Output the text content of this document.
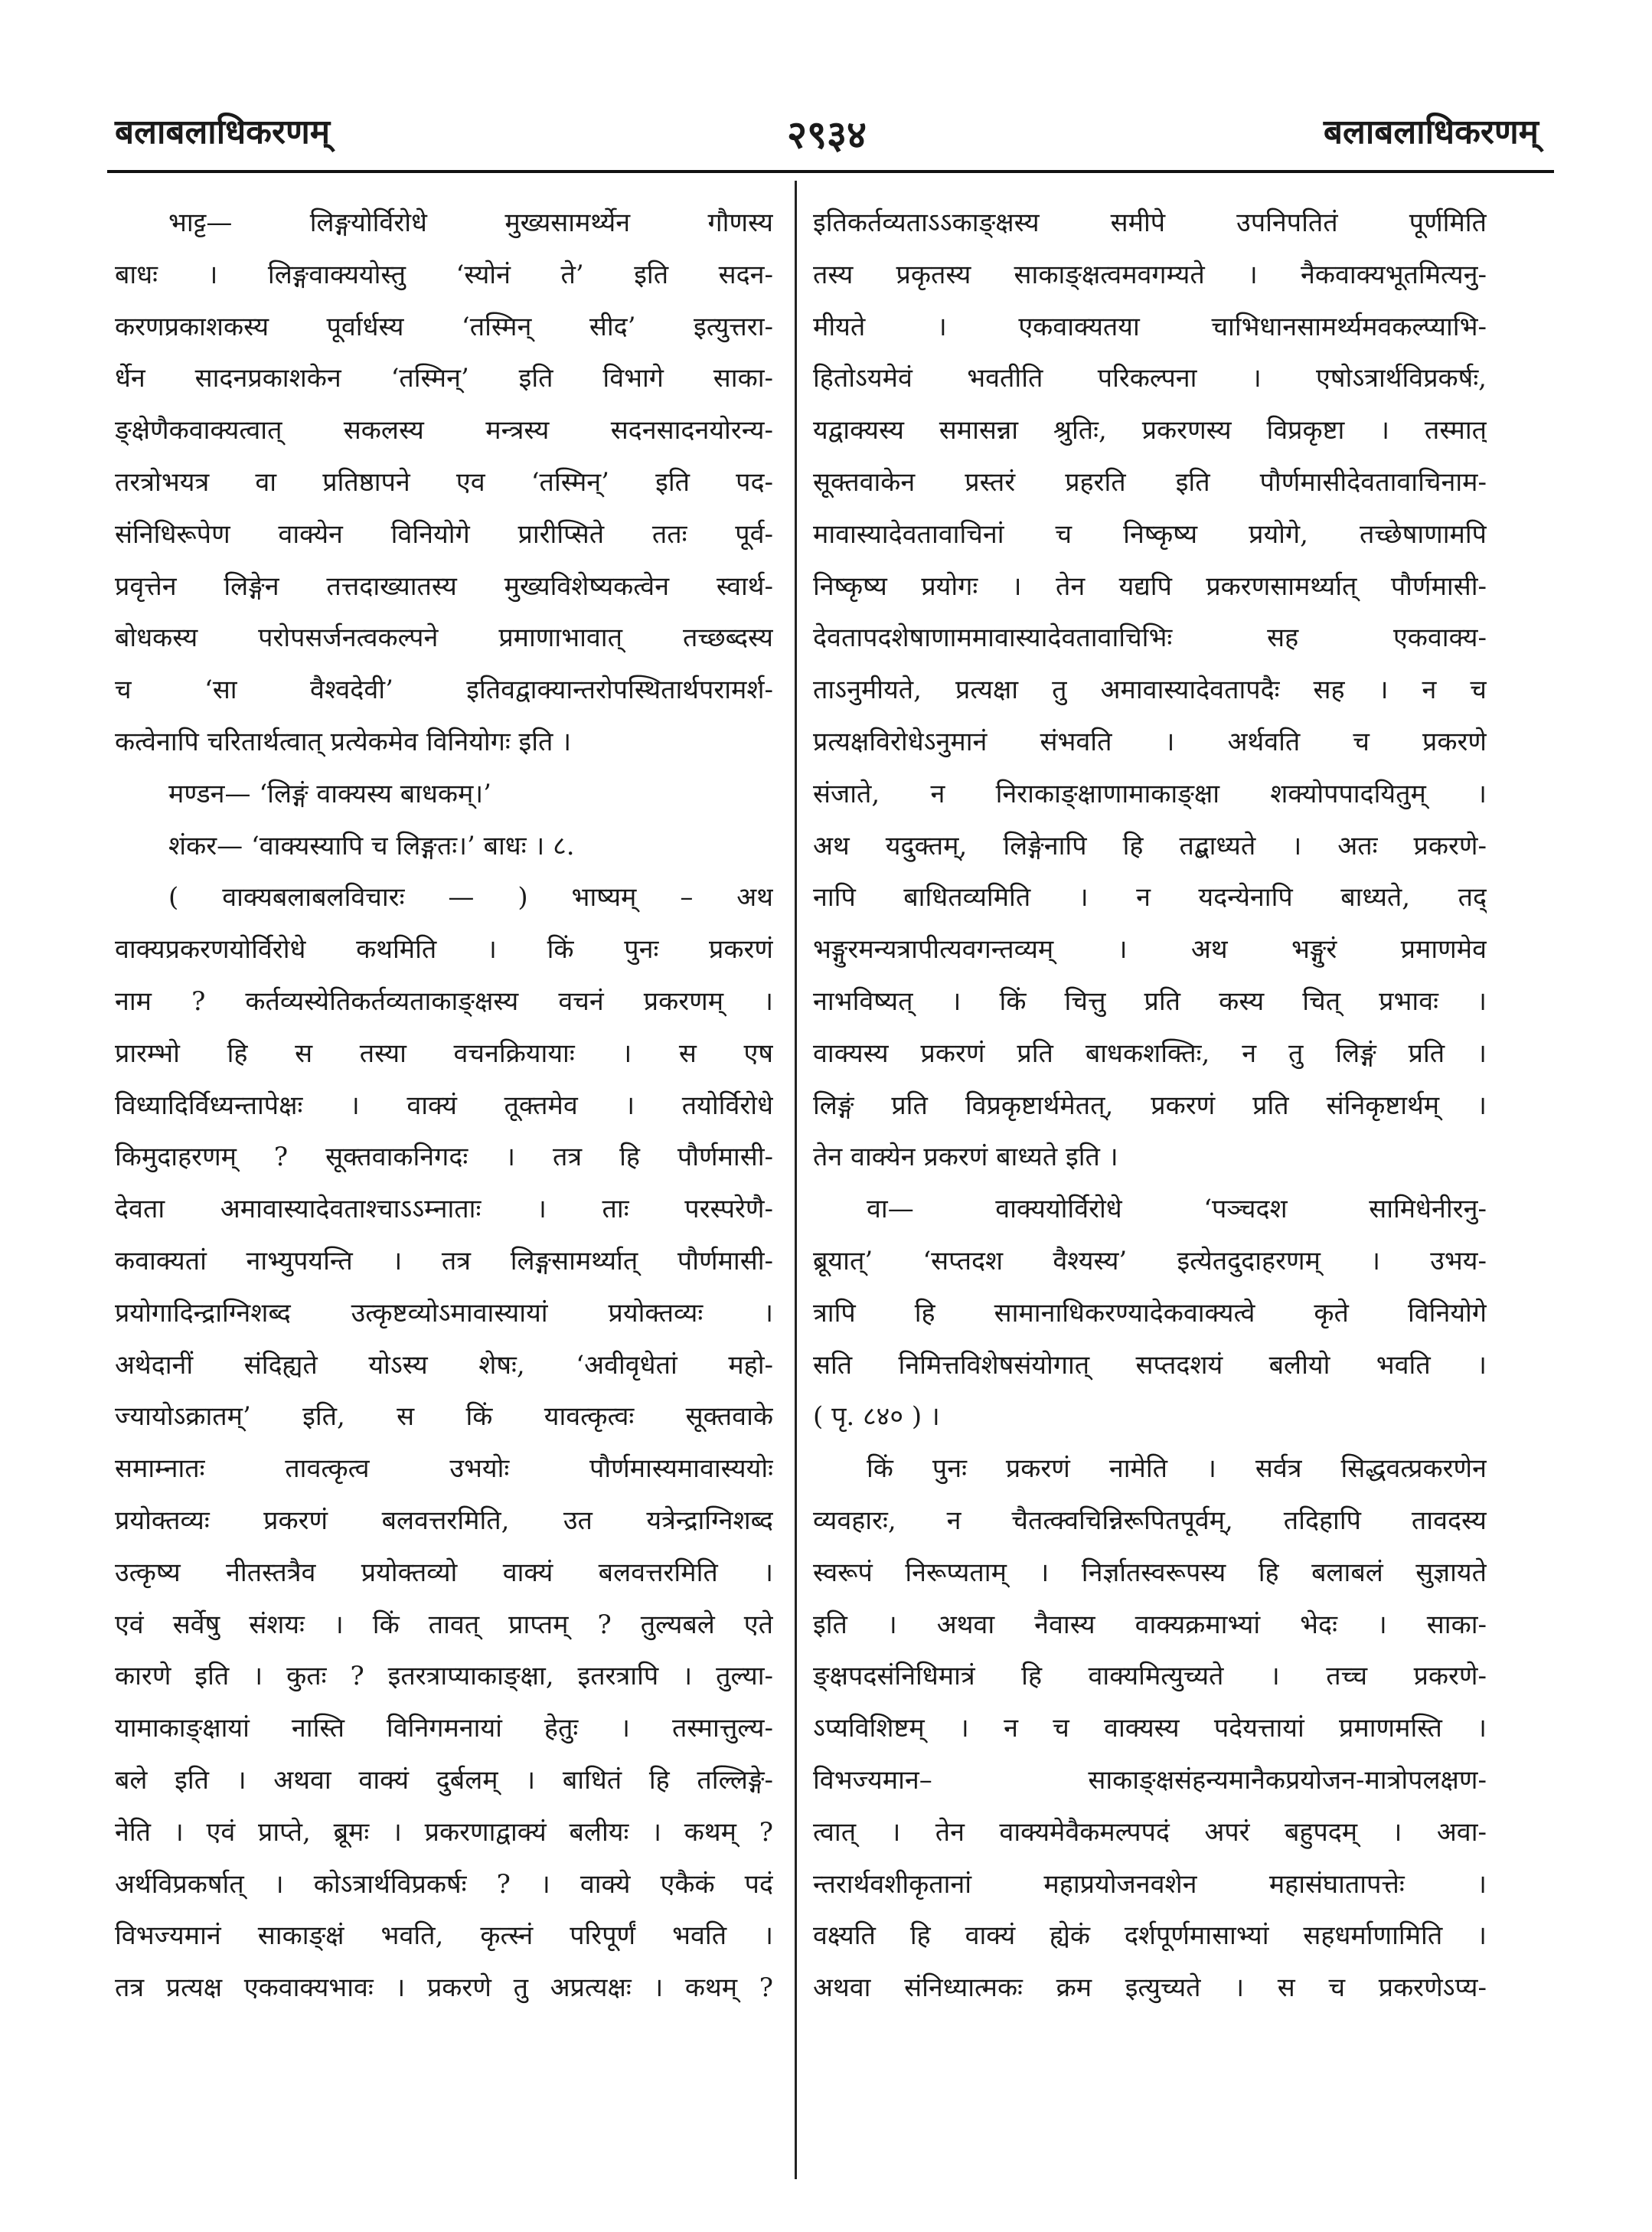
बलाबलाधिकरणम्	२९३४	बलाबलाधिकरणम्
भाट्ट— लिङ्गयोर्विरोधे मुख्यसामर्थ्येन गौणस्य
बाधः । लिङ्गवाक्ययोस्तु ‘स्योनं ते’ इति सदन-
करणप्रकाशकस्य पूर्वार्धस्य ‘तस्मिन् सीद’ इत्युत्तरा-
र्धेन सादनप्रकाशकेन ‘तस्मिन्’ इति विभागे साका-
ङ्क्षेणैकवाक्यत्वात् सकलस्य मन्त्रस्य सदनसादनयोरन्य-
तरत्रोभयत्र वा प्रतिष्ठापने एव ‘तस्मिन्’ इति पद-
संनिधिरूपेण वाक्येन विनियोगे प्रारीप्सिते ततः पूर्व-
प्रवृत्तेन लिङ्गेन तत्तदाख्यातस्य मुख्यविशेष्यकत्वेन स्वार्थ-
बोधकस्य परोपसर्जनत्वकल्पने प्रमाणाभावात् तच्छब्दस्य
च ‘सा वैश्वदेवी’ इतिवद्वाक्यान्तरोपस्थितार्थपरामर्श-
कत्वेनापि चरितार्थत्वात् प्रत्येकमेव विनियोगः इति ।
मण्डन— ‘लिङ्गं वाक्यस्य बाधकम्।’
शंकर— ‘वाक्यस्यापि च लिङ्गतः।’ बाधः । ८.
( वाक्यबलाबलविचारः — ) भाष्यम् – अथ
वाक्यप्रकरणयोर्विरोधे कथमिति । किं पुनः प्रकरणं
नाम ? कर्तव्यस्येतिकर्तव्यताकाङ्क्षस्य वचनं प्रकरणम् ।
प्रारम्भो हि स तस्या वचनक्रियायाः । स एष
विध्यादिर्विध्यन्तापेक्षः । वाक्यं तूक्तमेव । तयोर्विरोधे
किमुदाहरणम् ? सूक्तवाकनिगदः । तत्र हि पौर्णमासी-
देवता अमावास्यादेवताश्चाऽऽम्नाताः । ताः परस्परेणै-
कवाक्यतां नाभ्युपयन्ति । तत्र लिङ्गसामर्थ्यात् पौर्णमासी-
प्रयोगादिन्द्राग्निशब्द उत्कृष्टव्योऽमावास्यायां प्रयोक्तव्यः ।
अथेदानीं संदिह्यते योऽस्य शेषः, ‘अवीवृधेतां महो-
ज्यायोऽक्रातम्’ इति, स किं यावत्कृत्वः सूक्तवाके
समाम्नातः तावत्कृत्व उभयोः पौर्णमास्यमावास्ययोः
प्रयोक्तव्यः प्रकरणं बलवत्तरमिति, उत यत्रेन्द्राग्निशब्द
उत्कृष्य नीतस्तत्रैव प्रयोक्तव्यो वाक्यं बलवत्तरमिति ।
एवं सर्वेषु संशयः । किं तावत् प्राप्तम् ? तुल्यबले एते
कारणे इति । कुतः ? इतरत्राप्याकाङ्क्षा, इतरत्रापि । तुल्या-
यामाकाङ्क्षायां नास्ति विनिगमनायां हेतुः । तस्मात्तुल्य-
बले इति । अथवा वाक्यं दुर्बलम् । बाधितं हि तल्लिङ्गे-
नेति । एवं प्राप्ते, ब्रूमः । प्रकरणाद्वाक्यं बलीयः । कथम् ?
अर्थविप्रकर्षात् । कोऽत्रार्थविप्रकर्षः ? । वाक्ये एकैकं पदं
विभज्यमानं साकाङ्क्षं भवति, कृत्स्नं परिपूर्णं भवति ।
तत्र प्रत्यक्ष एकवाक्यभावः । प्रकरणे तु अप्रत्यक्षः । कथम् ?
इतिकर्तव्यताऽऽकाङ्क्षस्य समीपे उपनिपतितं पूर्णमिति
तस्य प्रकृतस्य साकाङ्क्षत्वमवगम्यते । नैकवाक्यभूतमित्यनु-
मीयते । एकवाक्यतया चाभिधानसामर्थ्यमवकल्प्याभि-
हितोऽयमेवं भवतीति परिकल्पना । एषोऽत्रार्थविप्रकर्षः,
यद्वाक्यस्य समासन्ना श्रुतिः, प्रकरणस्य विप्रकृष्टा । तस्मात्
सूक्तवाकेन प्रस्तरं प्रहरति इति पौर्णमासीदेवतावाचिनाम-
मावास्यादेवतावाचिनां च निष्कृष्य प्रयोगे, तच्छेषाणामपि
निष्कृष्य प्रयोगः । तेन यद्यपि प्रकरणसामर्थ्यात् पौर्णमासी-
देवतापदशेषाणाममावास्यादेवतावाचिभिः सह एकवाक्य-
ताऽनुमीयते, प्रत्यक्षा तु अमावास्यादेवतापदैः सह । न च
प्रत्यक्षविरोधेऽनुमानं संभवति । अर्थवति च प्रकरणे
संजाते, न निराकाङ्क्षाणामाकाङ्क्षा शक्योपपादयितुम् ।
अथ यदुक्तम्, लिङ्गेनापि हि तद्बाध्यते । अतः प्रकरणे-
नापि बाधितव्यमिति । न यदन्येनापि बाध्यते, तद्
भङ्गुरमन्यत्रापीत्यवगन्तव्यम् । अथ भङ्गुरं प्रमाणमेव
नाभविष्यत् । किं चित्तु प्रति कस्य चित् प्रभावः ।
वाक्यस्य प्रकरणं प्रति बाधकशक्तिः, न तु लिङ्गं प्रति ।
लिङ्गं प्रति विप्रकृष्टार्थमेतत्, प्रकरणं प्रति संनिकृष्टार्थम् ।
तेन वाक्येन प्रकरणं बाध्यते इति ।
वा— वाक्ययोर्विरोधे ‘पञ्चदश सामिधेनीरनु-
ब्रूयात्’ ‘सप्तदश वैश्यस्य’ इत्येतदुदाहरणम् । उभय-
त्रापि हि सामानाधिकरण्यादेकवाक्यत्वे कृते विनियोगे
सति निमित्तविशेषसंयोगात् सप्तदशयं बलीयो भवति ।
( पृ. ८४० ) ।
किं पुनः प्रकरणं नामेति । सर्वत्र सिद्धवत्प्रकरणेन
व्यवहारः, न चैतत्क्वचिन्निरूपितपूर्वम्, तदिहापि तावदस्य
स्वरूपं निरूप्यताम् । निर्ज्ञातस्वरूपस्य हि बलाबलं सुज्ञायते
इति । अथवा नैवास्य वाक्यक्रमाभ्यां भेदः । साका-
ङ्क्षपदसंनिधिमात्रं हि वाक्यमित्युच्यते । तच्च प्रकरणे-
ऽप्यविशिष्टम् । न च वाक्यस्य पदेयत्तायां प्रमाणमस्ति ।
विभज्यमान– साकाङ्क्षसंहन्यमानैकप्रयोजन-मात्रोपलक्षण-
त्वात् । तेन वाक्यमेवैकमल्पपदं अपरं बहुपदम् । अवा-
न्तरार्थवशीकृतानां महाप्रयोजनवशेन महासंघातापत्तेः ।
वक्ष्यति हि वाक्यं ह्येकं दर्शपूर्णमासाभ्यां सहधर्माणामिति ।
अथवा संनिध्यात्मकः क्रम इत्युच्यते । स च प्रकरणेऽप्य-
